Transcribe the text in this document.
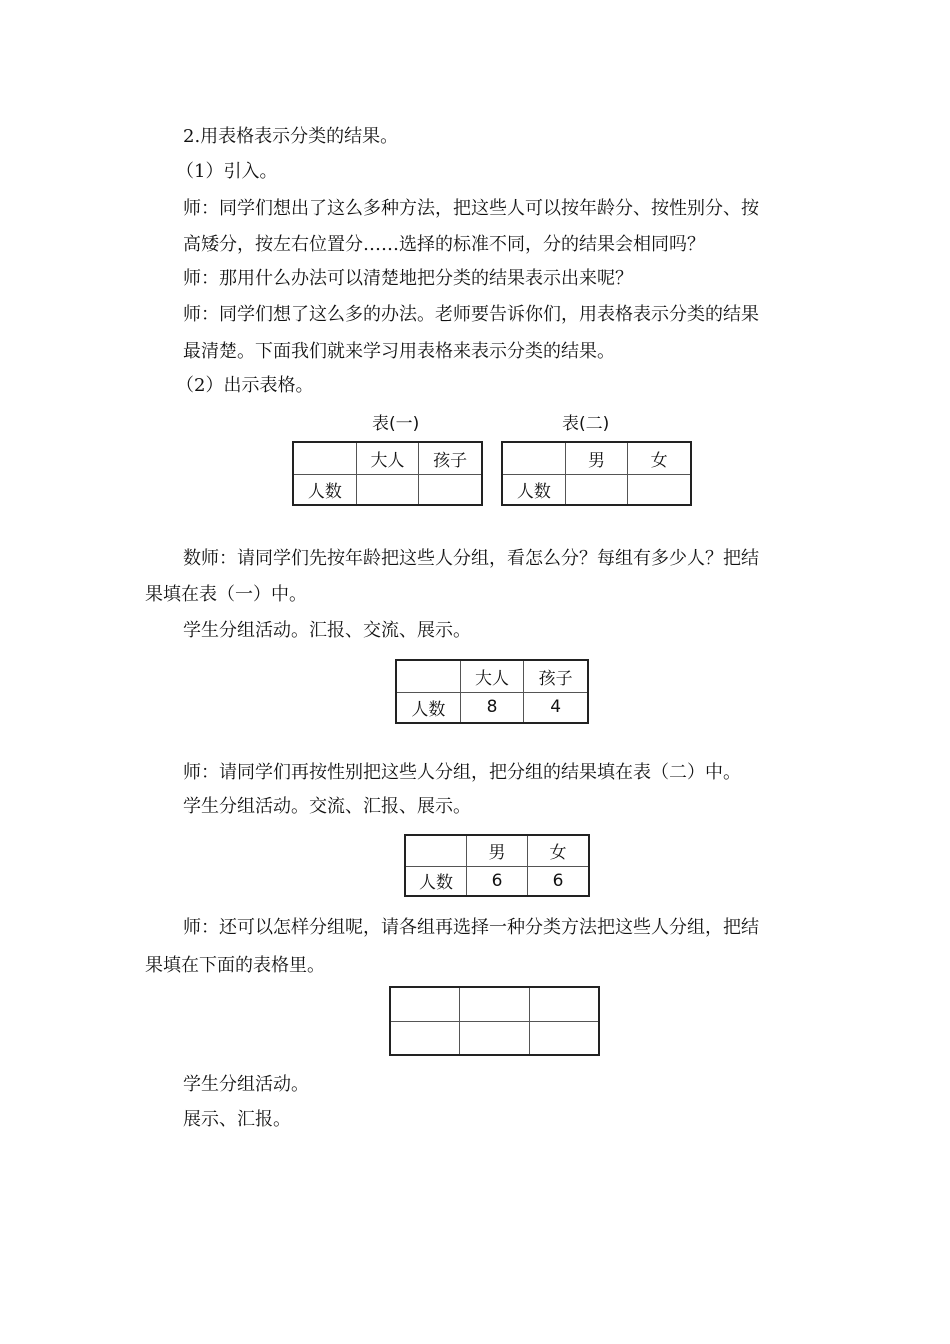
2.用表格表示分类的结果。
（1）引入。
师：同学们想出了这么多种方法，把这些人可以按年龄分、按性别分、按
高矮分，按左右位置分……选择的标准不同，分的结果会相同吗？
师：那用什么办法可以清楚地把分类的结果表示出来呢？
师：同学们想了这么多的办法。老师要告诉你们，用表格表示分类的结果
最清楚。下面我们就来学习用表格来表示分类的结果。
（2）出示表格。
表(一)	表(二)
	大人	孩子
人数		
	男	女
人数		
数师：请同学们先按年龄把这些人分组，看怎么分？每组有多少人？把结
果填在表（一）中。
学生分组活动。汇报、交流、展示。
	大人	孩子
人数	8	4
师：请同学们再按性别把这些人分组，把分组的结果填在表（二）中。
学生分组活动。交流、汇报、展示。
	男	女
人数	6	6
师：还可以怎样分组呢，请各组再选择一种分类方法把这些人分组，把结
果填在下面的表格里。

学生分组活动。
展示、汇报。
